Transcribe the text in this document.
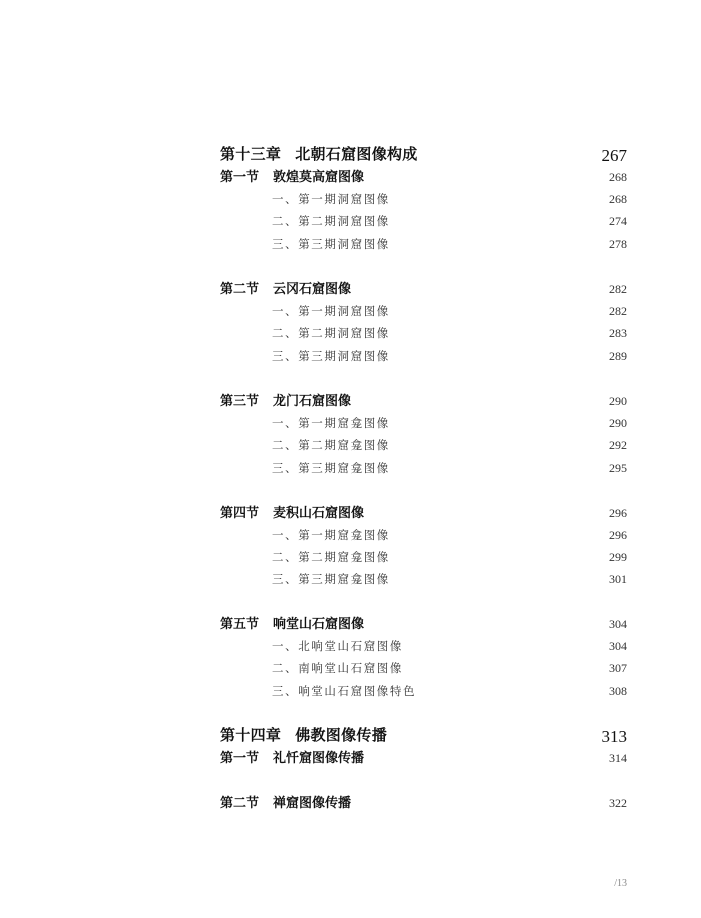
第十三章 北朝石窟图像构成	267
第一节 敦煌莫高窟图像	268
一、第一期洞窟图像	268
二、第二期洞窟图像	274
三、第三期洞窟图像	278
第二节 云冈石窟图像	282
一、第一期洞窟图像	282
二、第二期洞窟图像	283
三、第三期洞窟图像	289
第三节 龙门石窟图像	290
一、第一期窟龛图像	290
二、第二期窟龛图像	292
三、第三期窟龛图像	295
第四节 麦积山石窟图像	296
一、第一期窟龛图像	296
二、第二期窟龛图像	299
三、第三期窟龛图像	301
第五节 响堂山石窟图像	304
一、北响堂山石窟图像	304
二、南响堂山石窟图像	307
三、响堂山石窟图像特色	308
第十四章 佛教图像传播	313
第一节 礼忏窟图像传播	314
第二节 禅窟图像传播	322
/13
